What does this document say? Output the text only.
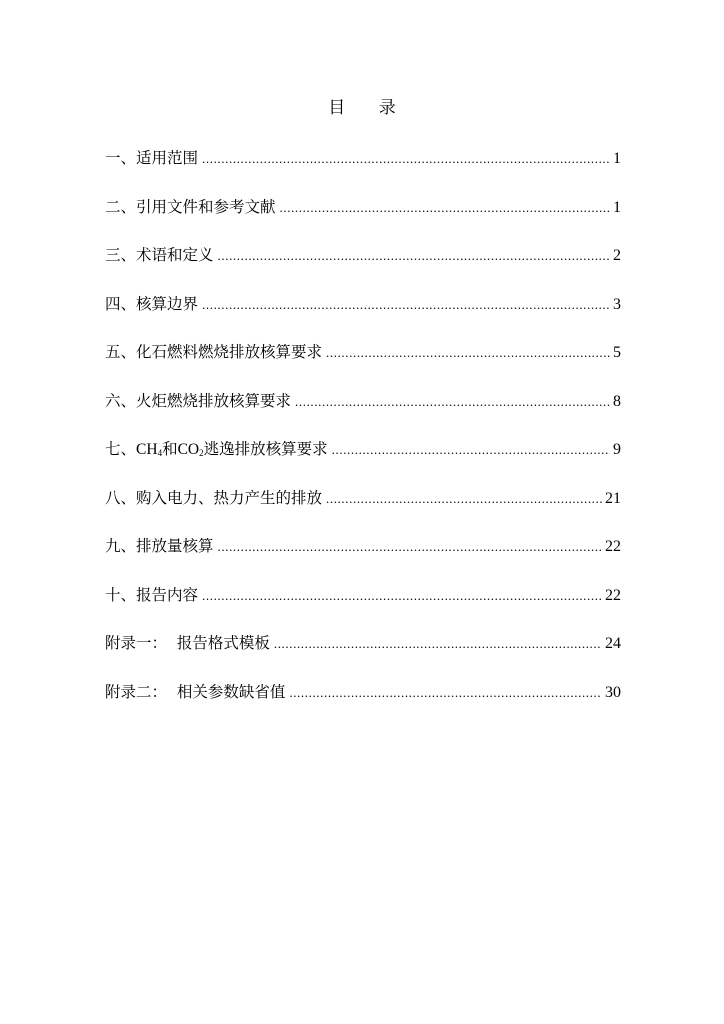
目 录
一、适用范围 .....	1
二、引用文件和参考文献 .....	1
三、术语和定义 .....	2
四、核算边界 .....	3
五、化石燃料燃烧排放核算要求 .....	5
六、火炬燃烧排放核算要求 .....	8
七、$CH_4$和$CO_2$逃逸排放核算要求 .....	9
八、购入电力、热力产生的排放 .....	21
九、排放量核算 .....	22
十、报告内容 .....	22
附录一：  报告格式模板 .....	24
附录二：  相关参数缺省值 .....	30
